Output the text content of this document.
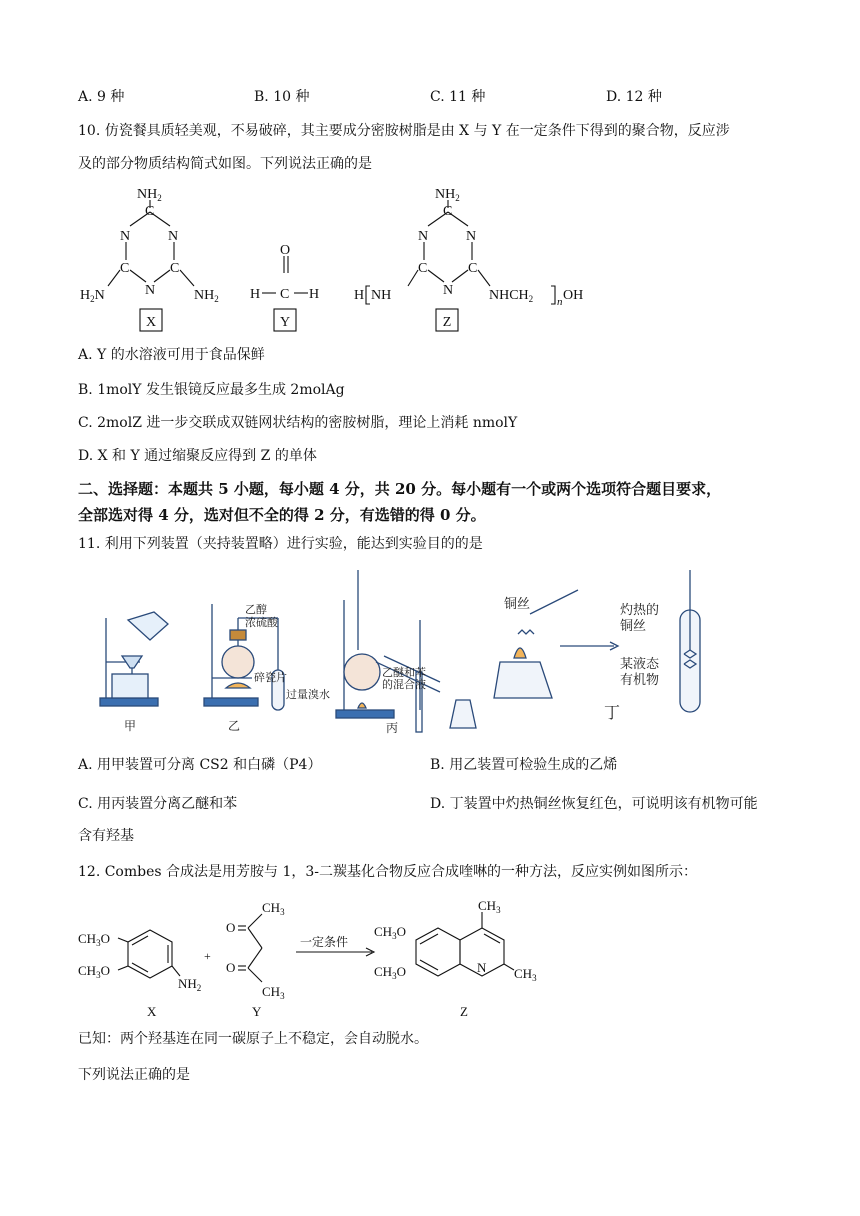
A. 9 种	B. 10 种	C. 11 种	D. 12 种
10. 仿瓷餐具质轻美观，不易破碎，其主要成分密胺树脂是由 X 与 Y 在一定条件下得到的聚合物，反应涉
及的部分物质结构简式如图。下列说法正确的是
$NH_2$
C
N	N
C	C
N
$H_2N$	$NH_2$
O
H C H
$NH_2$
C
N	N
C	C
N
H NH	$NHCH_2$ n OH
X	Y	Z
A. Y 的水溶液可用于食品保鲜
B. 1molY 发生银镜反应最多生成 2molAg
C. 2molZ 进一步交联成双链网状结构的密胺树脂，理论上消耗 nmolY
D. X 和 Y 通过缩聚反应得到 Z 的单体
二、选择题：本题共 5 小题，每小题 4 分，共 20 分。每小题有一个或两个选项符合题目要求，
全部选对得 4 分，选对但不全的得 2 分，有选错的得 0 分。
11. 利用下列装置（夹持装置略）进行实验，能达到实验目的的是
乙醇
浓硫酸
碎瓷片
过量溴水
乙醚和苯
的混合液
铜丝	灼热的
铜丝
某液态
有机物
甲	乙	丙
丁
A. 用甲装置可分离 CS2 和白磷（P4）	B. 用乙装置可检验生成的乙烯
C. 用丙装置分离乙醚和苯	D. 丁装置中灼热铜丝恢复红色，可说明该有机物可能
含有羟基
12. Combes 合成法是用芳胺与 1，3-二羰基化合物反应合成喹啉的一种方法，反应实例如图所示：
$CH_3O$
$CH_3O$
$NH_2$
+
O
O
$CH_3$
$CH_3$
$CH_3O$
$CH_3O$
$CH_3$
N $CH_3$
一定条件
X	Y	Z
已知：两个羟基连在同一碳原子上不稳定，会自动脱水。
下列说法正确的是
